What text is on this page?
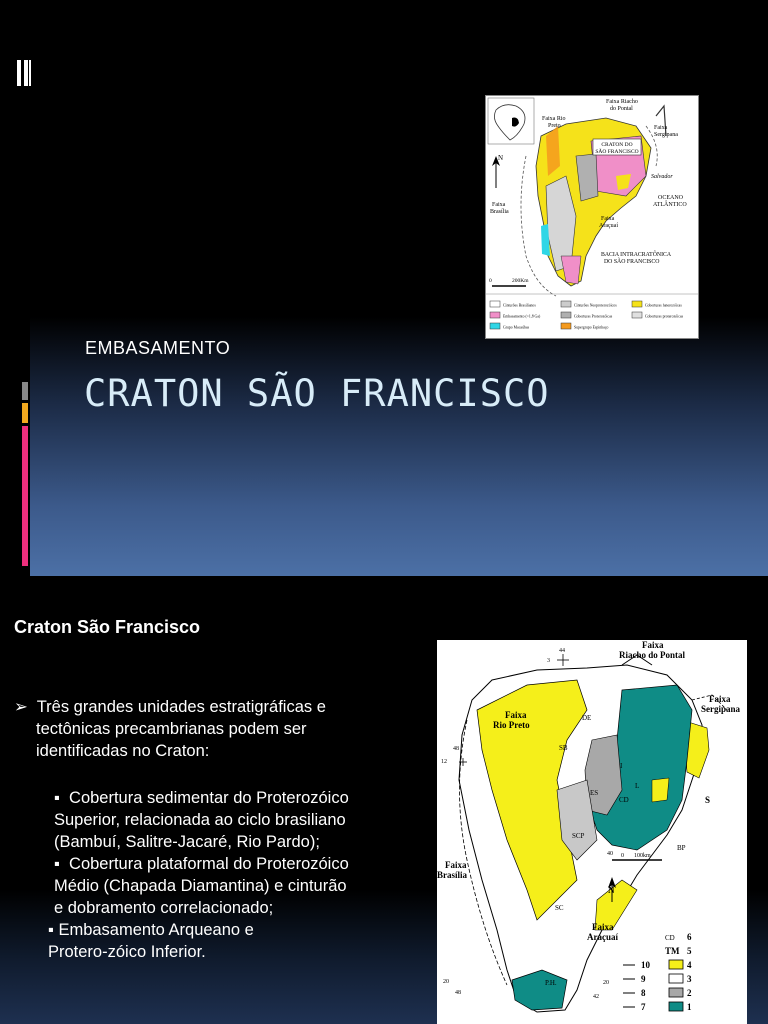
CRATON DO
SÃO FRANCISCO
Faixa Riacho
do Pontal
Faixa Rio
Preto	Faixa
Sergipana
Salvador
OCEANO
ATLÂNTICO
Faixa
Brasília
Faixa
Araçuaí
BACIA INTRACRATÔNICA
DO SÃO FRANCISCO
N
0	200Km
Cinturões Brasilianos	Cinturões Neoproterozóicos	Coberturas fanerozóicas
Embasamento (>1,8 Ga)	Coberturas Proterozóicas	Coberturas proterozóicas
Grupo Macaúbas	Supergrupo Espinhaço
EMBASAMENTO
CRATON SÃO FRANCISCO
Craton São Francisco

➢ Três grandes unidades estratigráficas e
tectônicas precambrianas podem ser
identificadas no Craton:

▪ Cobertura sedimentar do Proterozóico
Superior, relacionada ao ciclo brasiliano
(Bambuí, Salitre-Jacaré, Rio Pardo);

▪ Cobertura plataformal do Proterozóico
Médio (Chapada Diamantina) e cinturão
e dobramento correlacionado;

▪ Embasamento Arqueano e
Protero-zóico Inferior.

Faixa
Riacho do Pontal
Faixa
Rio Preto
Faixa
Sergipana
Faixa
Brasília
Faixa
Araçuaí
SB
DE
I
L
CD
ES
SCP
BP
SC
P.H.
S
44
3
48
12
40
20
48
20
42
N
0 100km
6
5
4
3
2
1
CD
TM
10
9
8
7
